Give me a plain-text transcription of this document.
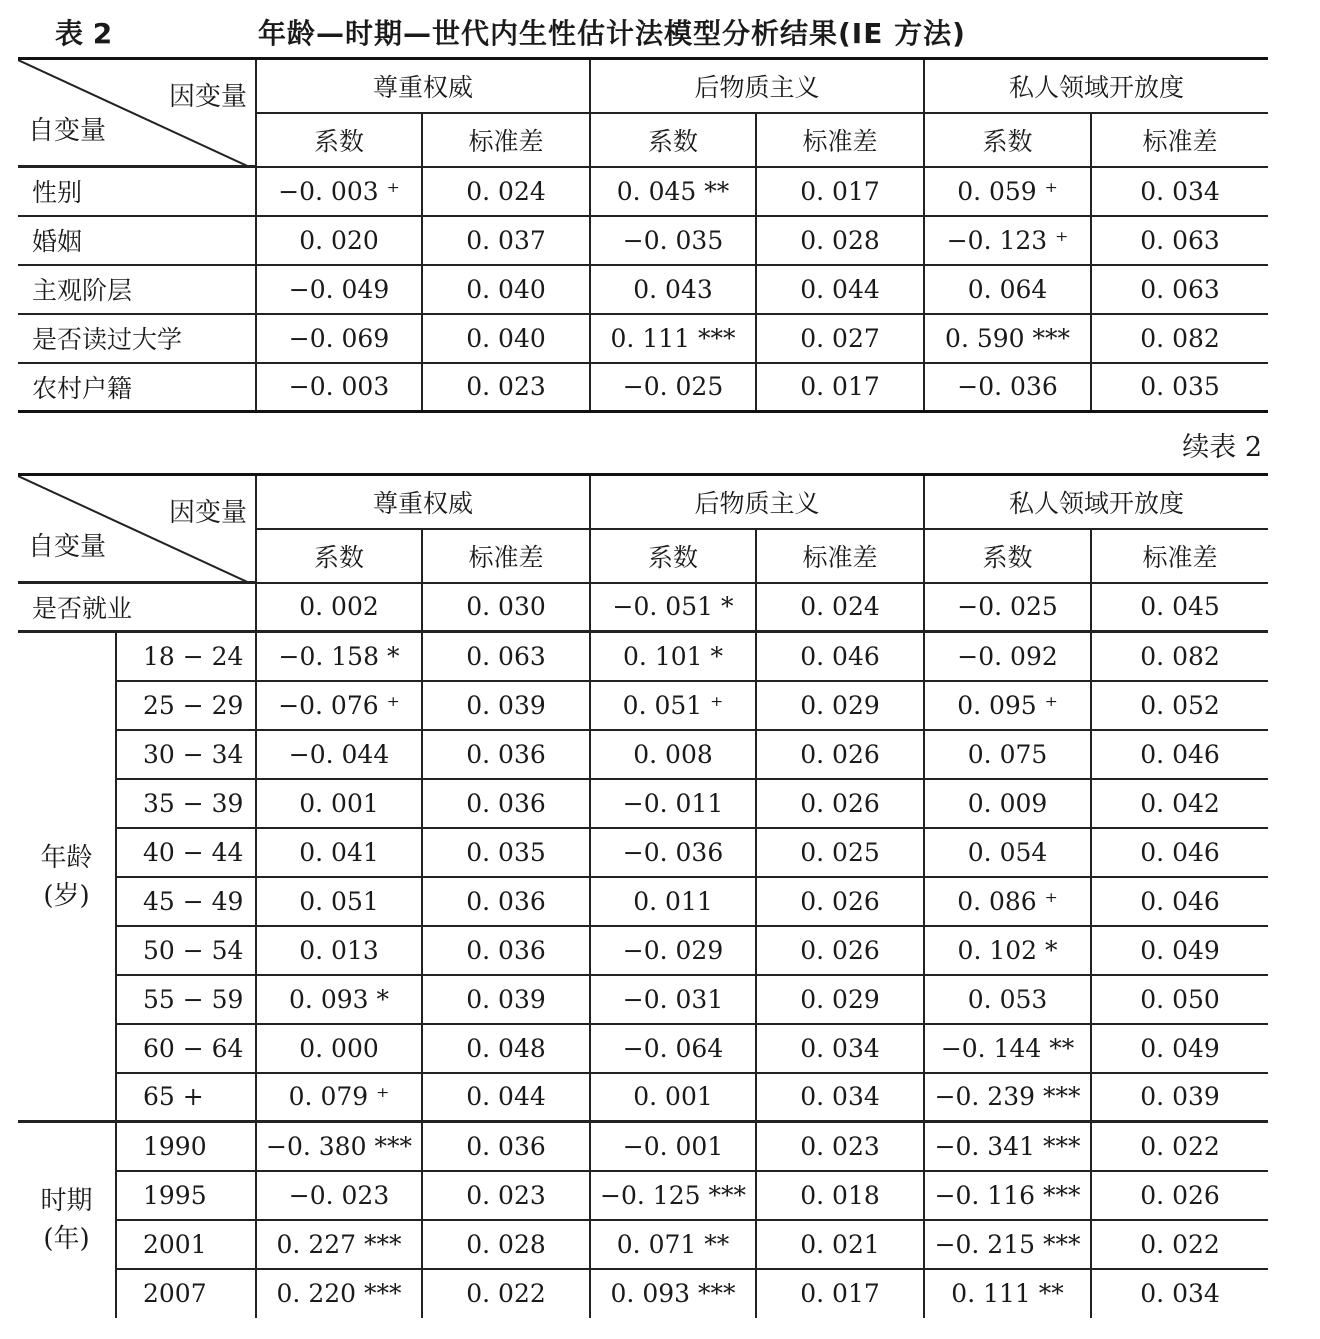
表 2	年龄—时期—世代内生性估计法模型分析结果(IE 方法)
因变量
自变量	尊重权威		后物质主义		私人领域开放度	
	系数	标准差	系数	标准差	系数	标准差
性别	−0. 003 ⁺	0. 024	0. 045 **	0. 017	0. 059 ⁺	0. 034
婚姻	0. 020	0. 037	−0. 035	0. 028	−0. 123 ⁺	0. 063
主观阶层	−0. 049	0. 040	0. 043	0. 044	0. 064	0. 063
是否读过大学	−0. 069	0. 040	0. 111 ***	0. 027	0. 590 ***	0. 082
农村户籍	−0. 003	0. 023	−0. 025	0. 017	−0. 036	0. 035
续表 2
因变量
自变量		尊重权威		后物质主义		私人领域开放度	
		系数	标准差	系数	标准差	系数	标准差
是否就业		0. 002	0. 030	−0. 051 *	0. 024	−0. 025	0. 045

年龄
(岁)	18 − 24	−0. 158 *	0. 063	0. 101 *	0. 046	−0. 092	0. 082
	25 − 29	−0. 076 ⁺	0. 039	0. 051 ⁺	0. 029	0. 095 ⁺	0. 052
	30 − 34	−0. 044	0. 036	0. 008	0. 026	0. 075	0. 046
	35 − 39	0. 001	0. 036	−0. 011	0. 026	0. 009	0. 042
	40 − 44	0. 041	0. 035	−0. 036	0. 025	0. 054	0. 046
	45 − 49	0. 051	0. 036	0. 011	0. 026	0. 086 ⁺	0. 046
	50 − 54	0. 013	0. 036	−0. 029	0. 026	0. 102 *	0. 049
	55 − 59	0. 093 *	0. 039	−0. 031	0. 029	0. 053	0. 050
	60 − 64	0. 000	0. 048	−0. 064	0. 034	−0. 144 **	0. 049
	65 +	0. 079 ⁺	0. 044	0. 001	0. 034	−0. 239 ***	0. 039

时期
(年)	1990	−0. 380 ***	0. 036	−0. 001	0. 023	−0. 341 ***	0. 022
	1995	−0. 023	0. 023	−0. 125 ***	0. 018	−0. 116 ***	0. 026
	2001	0. 227 ***	0. 028	0. 071 **	0. 021	−0. 215 ***	0. 022
	2007	0. 220 ***	0. 022	0. 093 ***	0. 017	0. 111 **	0. 034
